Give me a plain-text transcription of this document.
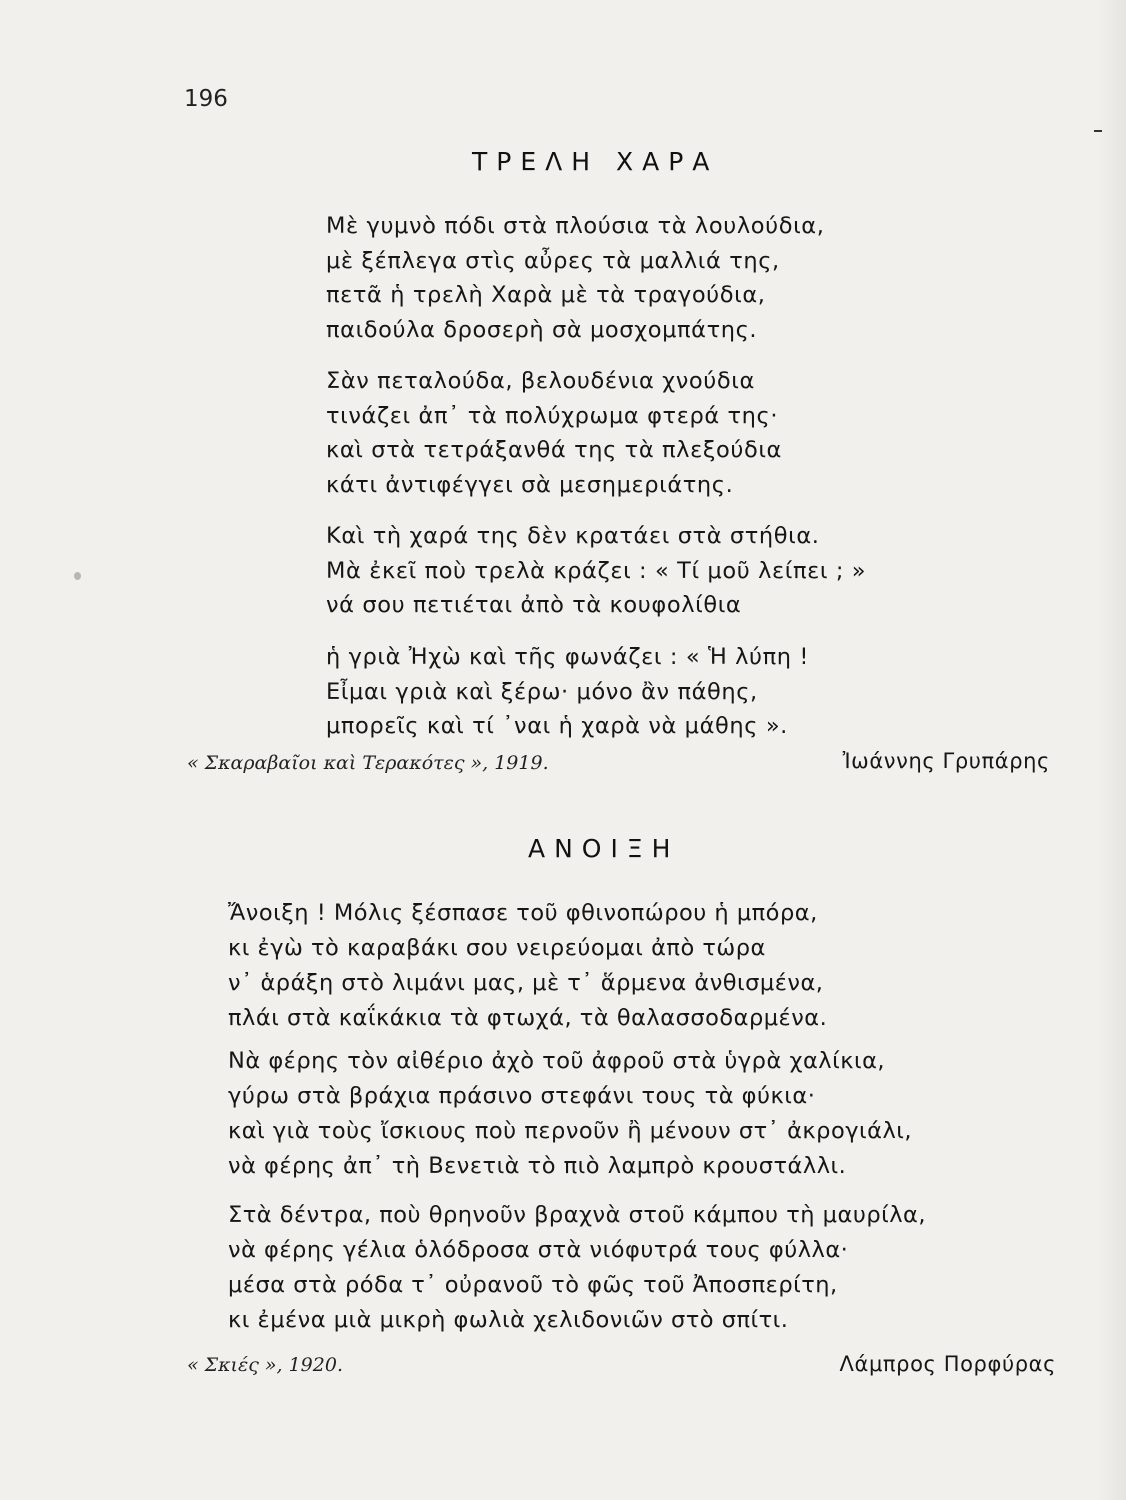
196
ΤΡΕΛΗ ΧΑΡΑ
Μὲ γυμνὸ πόδι στὰ πλούσια τὰ λουλούδια,
μὲ ξέπλεγα στὶς αὖρες τὰ μαλλιά της,
πετᾶ ἡ τρελὴ Χαρὰ μὲ τὰ τραγούδια,
παιδούλα δροσερὴ σὰ μοσχομπάτης.
Σὰν πεταλούδα, βελουδένια χνούδια
τινάζει ἀπ᾽ τὰ πολύχρωμα φτερά της·
καὶ στὰ τετράξανθά της τὰ πλεξούδια
κάτι ἀντιφέγγει σὰ μεσημεριάτης.
Καὶ τὴ χαρά της δὲν κρατάει στὰ στήθια.
Μὰ ἐκεῖ ποὺ τρελὰ κράζει : « Τί μοῦ λείπει ; »
νά σου πετιέται ἀπὸ τὰ κουφολίθια
ἡ γριὰ Ἠχὼ καὶ τῆς φωνάζει : « Ἡ λύπη !
Εἶμαι γριὰ καὶ ξέρω· μόνο ἂν πάθης,
μπορεῖς καὶ τί ᾽ναι ἡ χαρὰ νὰ μάθης ».
« Σκαραβαῖοι καὶ Τερακότες », 1919.	Ἰωάννης Γρυπάρης
ΑΝΟΙΞΗ
Ἄνοιξη ! Μόλις ξέσπασε τοῦ φθινοπώρου ἡ μπόρα,
κι ἐγὼ τὸ καραβάκι σου νειρεύομαι ἀπὸ τώρα
ν᾽ ἁράξη στὸ λιμάνι μας, μὲ τ᾽ ἅρμενα ἀνθισμένα,
πλάι στὰ καΐκάκια τὰ φτωχά, τὰ θαλασσοδαρμένα.
Νὰ φέρης τὸν αἰθέριο ἀχὸ τοῦ ἀφροῦ στὰ ὑγρὰ χαλίκια,
γύρω στὰ βράχια πράσινο στεφάνι τους τὰ φύκια·
καὶ γιὰ τοὺς ἴσκιους ποὺ περνοῦν ἢ μένουν στ᾽ ἀκρογιάλι,
νὰ φέρης ἀπ᾽ τὴ Βενετιὰ τὸ πιὸ λαμπρὸ κρουστάλλι.
Στὰ δέντρα, ποὺ θρηνοῦν βραχνὰ στοῦ κάμπου τὴ μαυρίλα,
νὰ φέρης γέλια ὁλόδροσα στὰ νιόφυτρά τους φύλλα·
μέσα στὰ ρόδα τ᾽ οὐρανοῦ τὸ φῶς τοῦ Ἀποσπερίτη,
κι ἐμένα μιὰ μικρὴ φωλιὰ χελιδονιῶν στὸ σπίτι.
« Σκιές », 1920.	Λάμπρος Πορφύρας
